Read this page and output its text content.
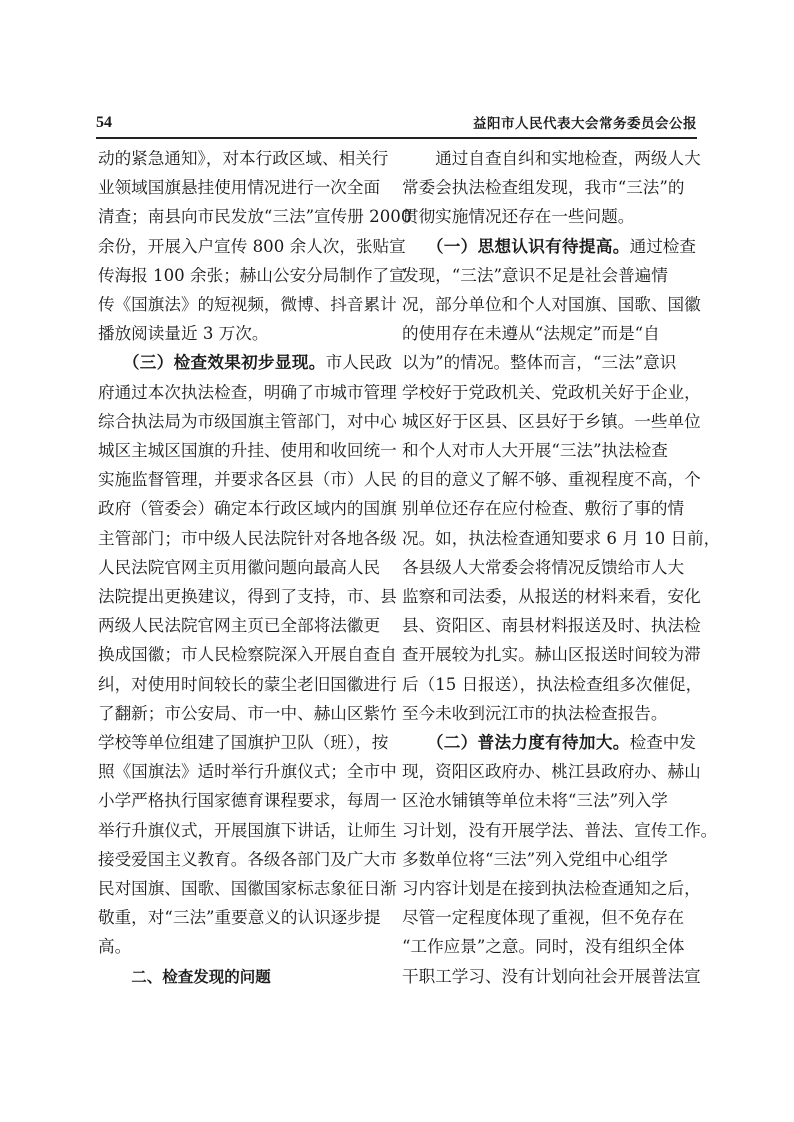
54	益阳市人民代表大会常务委员会公报

动的紧急通知》，对本行政区域、相关行

业领域国旗悬挂使用情况进行一次全面

清查；南县向市民发放“三法”宣传册 2000

余份，开展入户宣传 800 余人次，张贴宣

传海报 100 余张；赫山公安分局制作了宣

传《国旗法》的短视频，微博、抖音累计

播放阅读量近 3 万次。

　　（三）检查效果初步显现。市人民政

府通过本次执法检查，明确了市城市管理

综合执法局为市级国旗主管部门，对中心

城区主城区国旗的升挂、使用和收回统一

实施监督管理，并要求各区县（市）人民

政府（管委会）确定本行政区域内的国旗

主管部门；市中级人民法院针对各地各级

人民法院官网主页用徽问题向最高人民

法院提出更换建议，得到了支持，市、县

两级人民法院官网主页已全部将法徽更

换成国徽；市人民检察院深入开展自查自

纠，对使用时间较长的蒙尘老旧国徽进行

了翻新；市公安局、市一中、赫山区紫竹

学校等单位组建了国旗护卫队（班），按

照《国旗法》适时举行升旗仪式；全市中

小学严格执行国家德育课程要求，每周一

举行升旗仪式，开展国旗下讲话，让师生

接受爱国主义教育。各级各部门及广大市

民对国旗、国歌、国徽国家标志象征日渐

敬重，对“三法”重要意义的认识逐步提

高。

　　二、检查发现的问题

　　通过自查自纠和实地检查，两级人大

常委会执法检查组发现，我市“三法”的

贯彻实施情况还存在一些问题。

　　（一）思想认识有待提高。通过检查

发现，“三法”意识不足是社会普遍情

况，部分单位和个人对国旗、国歌、国徽

的使用存在未遵从“法规定”而是“自

以为”的情况。整体而言，“三法”意识

学校好于党政机关、党政机关好于企业，

城区好于区县、区县好于乡镇。一些单位

和个人对市人大开展“三法”执法检查

的目的意义了解不够、重视程度不高，个

别单位还存在应付检查、敷衍了事的情

况。如，执法检查通知要求 6 月 10 日前，

各县级人大常委会将情况反馈给市人大

监察和司法委，从报送的材料来看，安化

县、资阳区、南县材料报送及时、执法检

查开展较为扎实。赫山区报送时间较为滞

后（15 日报送），执法检查组多次催促，

至今未收到沅江市的执法检查报告。

　　（二）普法力度有待加大。检查中发

现，资阳区政府办、桃江县政府办、赫山

区沧水铺镇等单位未将“三法”列入学

习计划，没有开展学法、普法、宣传工作。

多数单位将“三法”列入党组中心组学

习内容计划是在接到执法检查通知之后，

尽管一定程度体现了重视，但不免存在

“工作应景”之意。同时，没有组织全体

干职工学习、没有计划向社会开展普法宣
